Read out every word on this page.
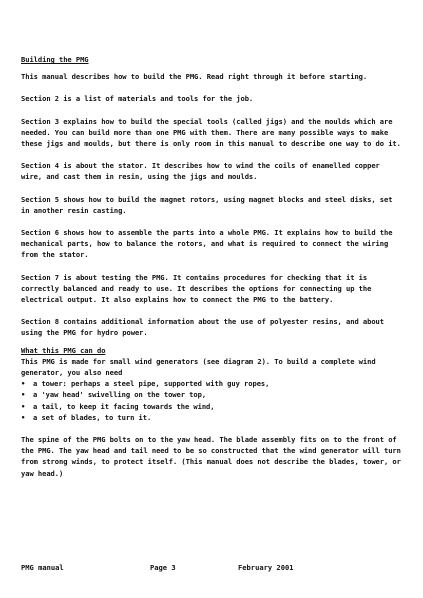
Building the PMG

This manual describes how to build the PMG. Read right through it before starting.

Section 2 is a list of materials and tools for the job.

Section 3 explains how to build the special tools (called jigs) and the moulds which are needed. You can build more than one PMG with them. There are many possible ways to make these jigs and moulds, but there is only room in this manual to describe one way to do it.

Section 4 is about the stator. It describes how to wind the coils of enamelled copper wire, and cast them in resin, using the jigs and moulds.

Section 5 shows how to build the magnet rotors, using magnet blocks and steel disks, set in another resin casting.

Section 6 shows how to assemble the parts into a whole PMG. It explains how to build the mechanical parts, how to balance the rotors, and what is required to connect the wiring from the stator.

Section 7 is about testing the PMG. It contains procedures for checking that it is correctly balanced and ready to use. It describes the options for connecting up the electrical output. It also explains how to connect the PMG to the battery.

Section 8 contains additional information about the use of polyester resins, and about using the PMG for hydro power.

What this PMG can do

This PMG is made for small wind generators (see diagram 2). To build a complete wind generator, you also need

• a tower: perhaps a steel pipe, supported with guy ropes,
• a 'yaw head' swivelling on the tower top,
• a tail, to keep it facing towards the wind,
• a set of blades, to turn it.

The spine of the PMG bolts on to the yaw head. The blade assembly fits on to the front of the PMG. The yaw head and tail need to be so constructed that the wind generator will turn from strong winds, to protect itself. (This manual does not describe the blades, tower, or yaw head.)

PMG manual	Page 3	February 2001
